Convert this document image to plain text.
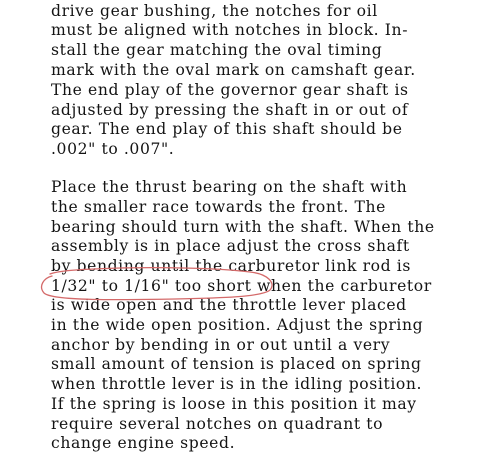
drive gear bushing, the notches for oil

must be aligned with notches in block. In-

stall the gear matching the oval timing

mark with the oval mark on camshaft gear.

The end play of the governor gear shaft is

adjusted by pressing the shaft in or out of

gear. The end play of this shaft should be

.002" to .007".

Place the thrust bearing on the shaft with

the smaller race towards the front. The

bearing should turn with the shaft. When the

assembly is in place adjust the cross shaft

by bending until the carburetor link rod is

1/32" to 1/16" too short when the carburetor

is wide open and the throttle lever placed

in the wide open position. Adjust the spring

anchor by bending in or out until a very

small amount of tension is placed on spring

when throttle lever is in the idling position.

If the spring is loose in this position it may

require several notches on quadrant to

change engine speed.
